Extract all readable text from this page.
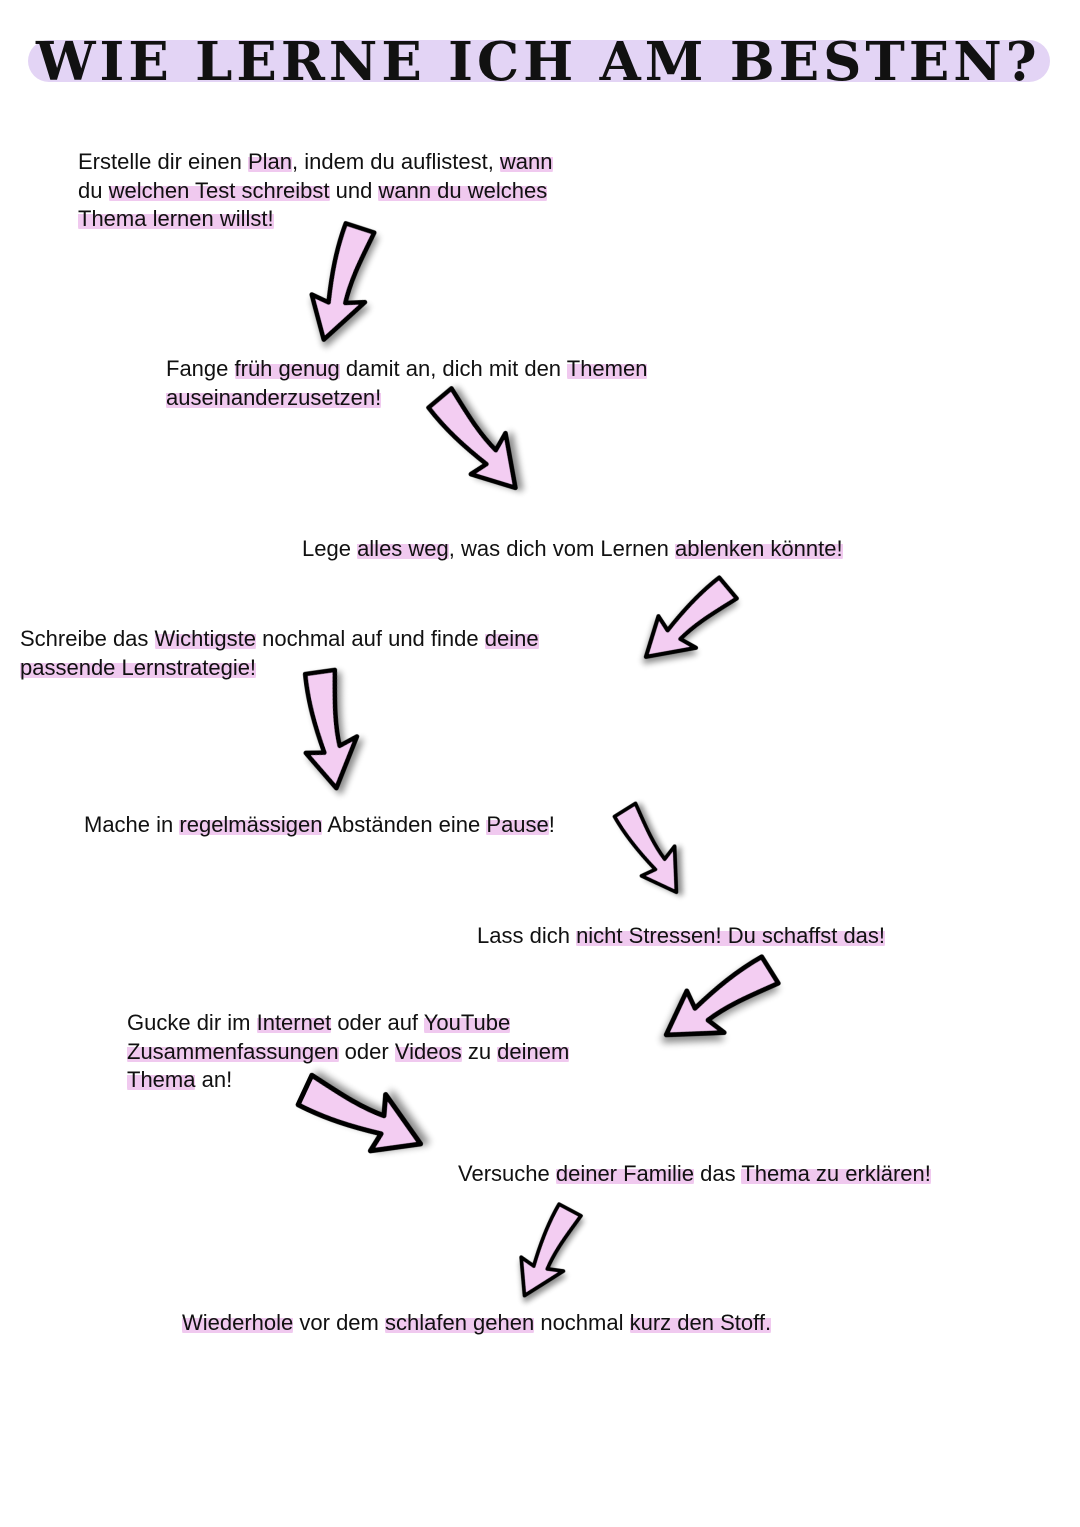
WIE LERNE ICH AM BESTEN?

Erstelle dir einen Plan, indem du auflistest, wann
du welchen Test schreibst und wann du welches
Thema lernen willst!

Fange früh genug damit an, dich mit den Themen
auseinanderzusetzen!

Lege alles weg, was dich vom Lernen ablenken könnte!

Schreibe das Wichtigste nochmal auf und finde deine
passende Lernstrategie!

Mache in regelmässigen Abständen eine Pause!

Lass dich nicht Stressen! Du schaffst das!

Gucke dir im Internet oder auf YouTube
Zusammenfassungen oder Videos zu deinem
Thema an!

Versuche deiner Familie das Thema zu erklären!

Wiederhole vor dem schlafen gehen nochmal kurz den Stoff.
